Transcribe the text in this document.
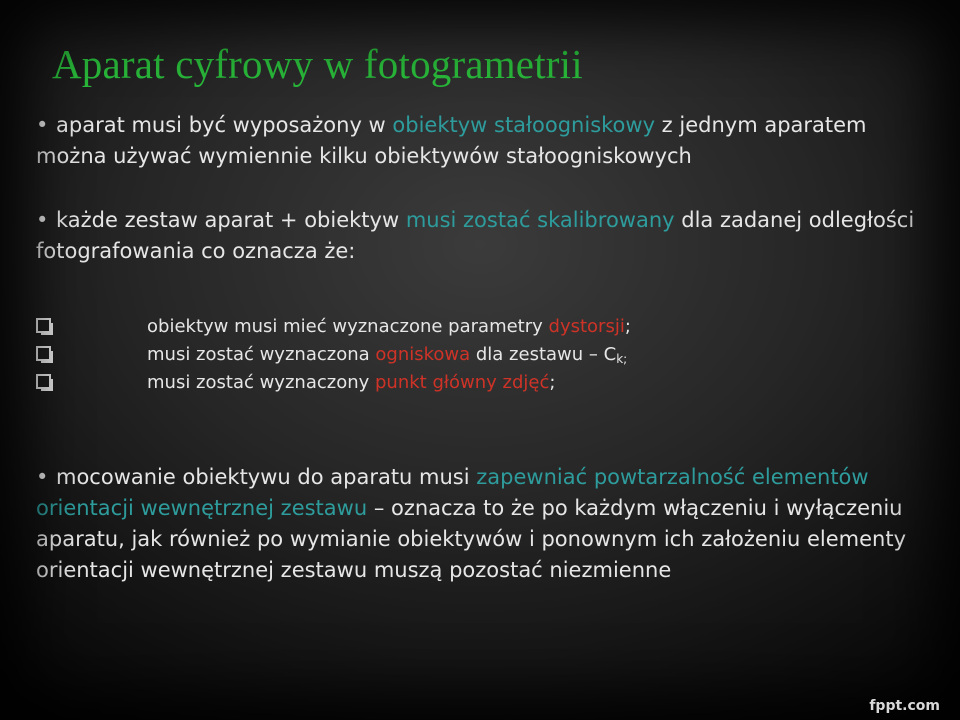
Aparat cyfrowy w fotogrametrii
• aparat musi być wyposażony w obiektyw stałoogniskowy z jednym aparatem można używać wymiennie kilku obiektywów stałoogniskowych
• każde zestaw aparat + obiektyw musi zostać skalibrowany dla zadanej odległości fotografowania co oznacza że:
obiektyw musi mieć wyznaczone parametry dystorsji;
musi zostać wyznaczona ogniskowa dla zestawu – Ck;
musi zostać wyznaczony punkt główny zdjęć;
• mocowanie obiektywu do aparatu musi zapewniać powtarzalność elementów orientacji wewnętrznej zestawu – oznacza to że po każdym włączeniu i wyłączeniu aparatu, jak również po wymianie obiektywów i ponownym ich założeniu elementy orientacji wewnętrznej zestawu muszą pozostać niezmienne
fppt.com
